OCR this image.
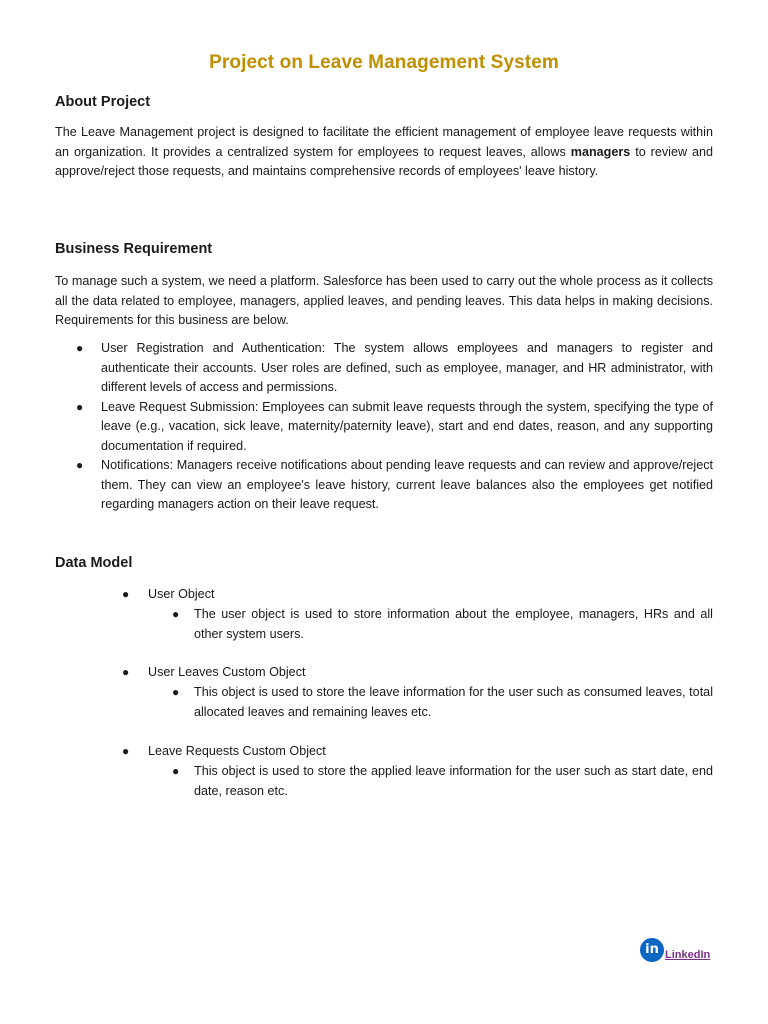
Project on Leave Management System
About Project
The Leave Management project is designed to facilitate the efficient management of employee leave requests within an organization. It provides a centralized system for employees to request leaves, allows managers to review and approve/reject those requests, and maintains comprehensive records of employees' leave history.
Business Requirement
To manage such a system, we need a platform. Salesforce has been used to carry out the whole process as it collects all the data related to employee, managers, applied leaves, and pending leaves. This data helps in making decisions. Requirements for this business are below.
● User Registration and Authentication: The system allows employees and managers to register and authenticate their accounts. User roles are defined, such as employee, manager, and HR administrator, with different levels of access and permissions.
● Leave Request Submission: Employees can submit leave requests through the system, specifying the type of leave (e.g., vacation, sick leave, maternity/paternity leave), start and end dates, reason, and any supporting documentation if required.
● Notifications: Managers receive notifications about pending leave requests and can review and approve/reject them. They can view an employee's leave history, current leave balances also the employees get notified regarding managers action on their leave request.
Data Model
● User Object
● The user object is used to store information about the employee, managers, HRs and all other system users.
● User Leaves Custom Object
● This object is used to store the leave information for the user such as consumed leaves, total allocated leaves and remaining leaves etc.
● Leave Requests Custom Object
● This object is used to store the applied leave information for the user such as start date, end date, reason etc.
in LinkedIn
